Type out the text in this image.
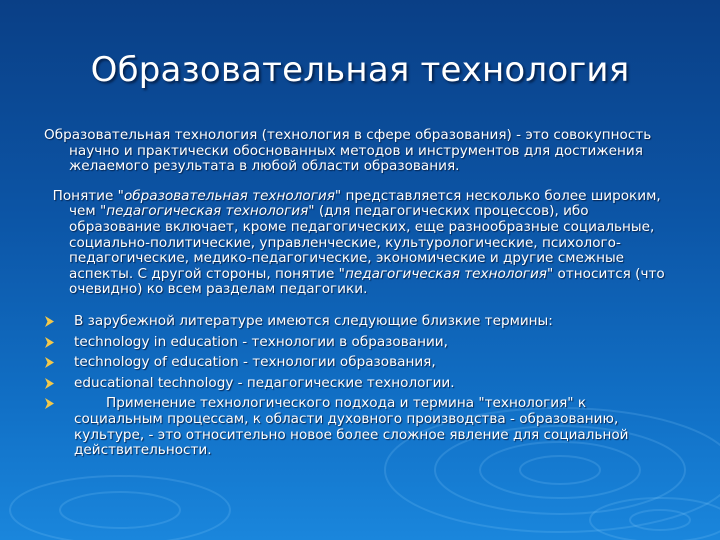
Образовательная технология

Образовательная технология (технология в сфере образования) - это совокупность научно и практически обоснованных методов и инструментов для достижения желаемого результата в любой области образования.

Понятие "образовательная технология" представляется несколько более широким, чем "педагогическая технология" (для педагогических процессов), ибо образование включает, кроме педагогических, еще разнообразные социальные, социально-политические, управленческие, культурологические, психолого-педагогические, медико-педагогические, экономические и другие смежные аспекты. С другой стороны, понятие "педагогическая технология" относится (что очевидно) ко всем разделам педагогики.

В зарубежной литературе имеются следующие близкие термины:
technology in education - технологии в образовании,
technology of education - технологии образования,
educational technology - педагогические технологии.
Применение технологического подхода и термина "технология" к социальным процессам, к области духовного производства - образованию, культуре, - это относительно новое более сложное явление для социальной действительности.
